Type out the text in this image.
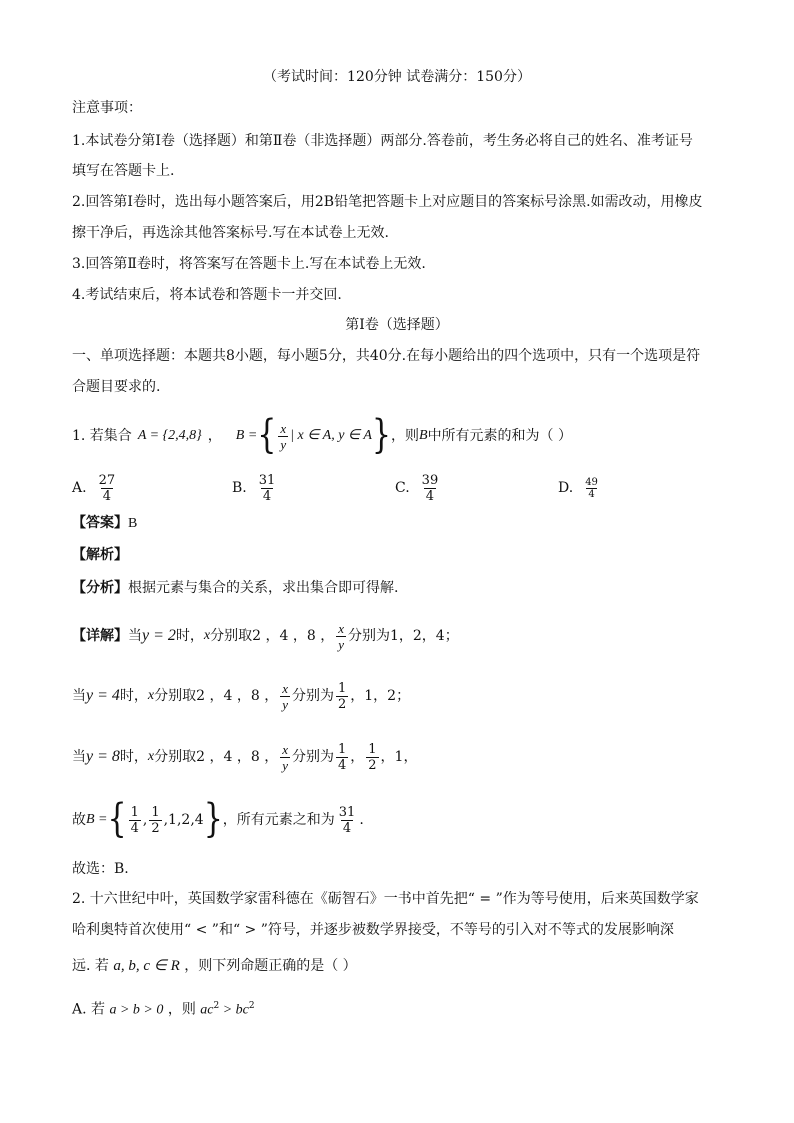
（考试时间：120分钟 试卷满分：150分）
注意事项：
1.本试卷分第Ⅰ卷（选择题）和第Ⅱ卷（非选择题）两部分.答卷前，考生务必将自己的姓名、准考证号
填写在答题卡上.
2.回答第Ⅰ卷时，选出每小题答案后，用2B铅笔把答题卡上对应题目的答案标号涂黑.如需改动，用橡皮
擦干净后，再选涂其他答案标号.写在本试卷上无效.
3.回答第Ⅱ卷时，将答案写在答题卡上.写在本试卷上无效.
4.考试结束后，将本试卷和答题卡一并交回.
第Ⅰ卷（选择题）
一、单项选择题：本题共8小题，每小题5分，共40分.在每小题给出的四个选项中，只有一个选项是符
合题目要求的.
1. 若集合 A = {2,4,8} ， B = { $\frac{x}{y}$ | x ∈ A, y ∈ A } ，则 B 中所有元素的和为（ ）
A. $\frac{27}{4}$	B. $\frac{31}{4}$	C. $\frac{39}{4}$	D. $\frac{49}{4}$
【答案】B
【解析】
【分析】根据元素与集合的关系，求出集合即可得解.
【详解】 当 y = 2 时， x 分别取2 ，4 ，8 ， $\frac{x}{y}$ 分别为1，2，4；
当 y = 4 时， x 分别取2 ，4 ，8 ， $\frac{x}{y}$ 分别为 $\frac{1}{2}$ ，1，2；
当 y = 8 时， x 分别取2 ，4 ，8 ， $\frac{x}{y}$ 分别为 $\frac{1}{4}$ ， $\frac{1}{2}$ ，1，
故 B = { $\frac{1}{4}$ , $\frac{1}{2} ,1,2,4$ } ，所有元素之和为 $\frac{31}{4}$ .
故选：B.
2. 十六世纪中叶，英国数学家雷科德在《砺智石》一书中首先把“ = ”作为等号使用，后来英国数学家
哈利奥特首次使用“ < ”和“ > ”符号，并逐步被数学界接受，不等号的引入对不等式的发展影响深
远. 若 a, b, c ∈ R ，则下列命题正确的是（ ）
A. 若 a > b > 0 ，则 $ac^2 > bc^2$
